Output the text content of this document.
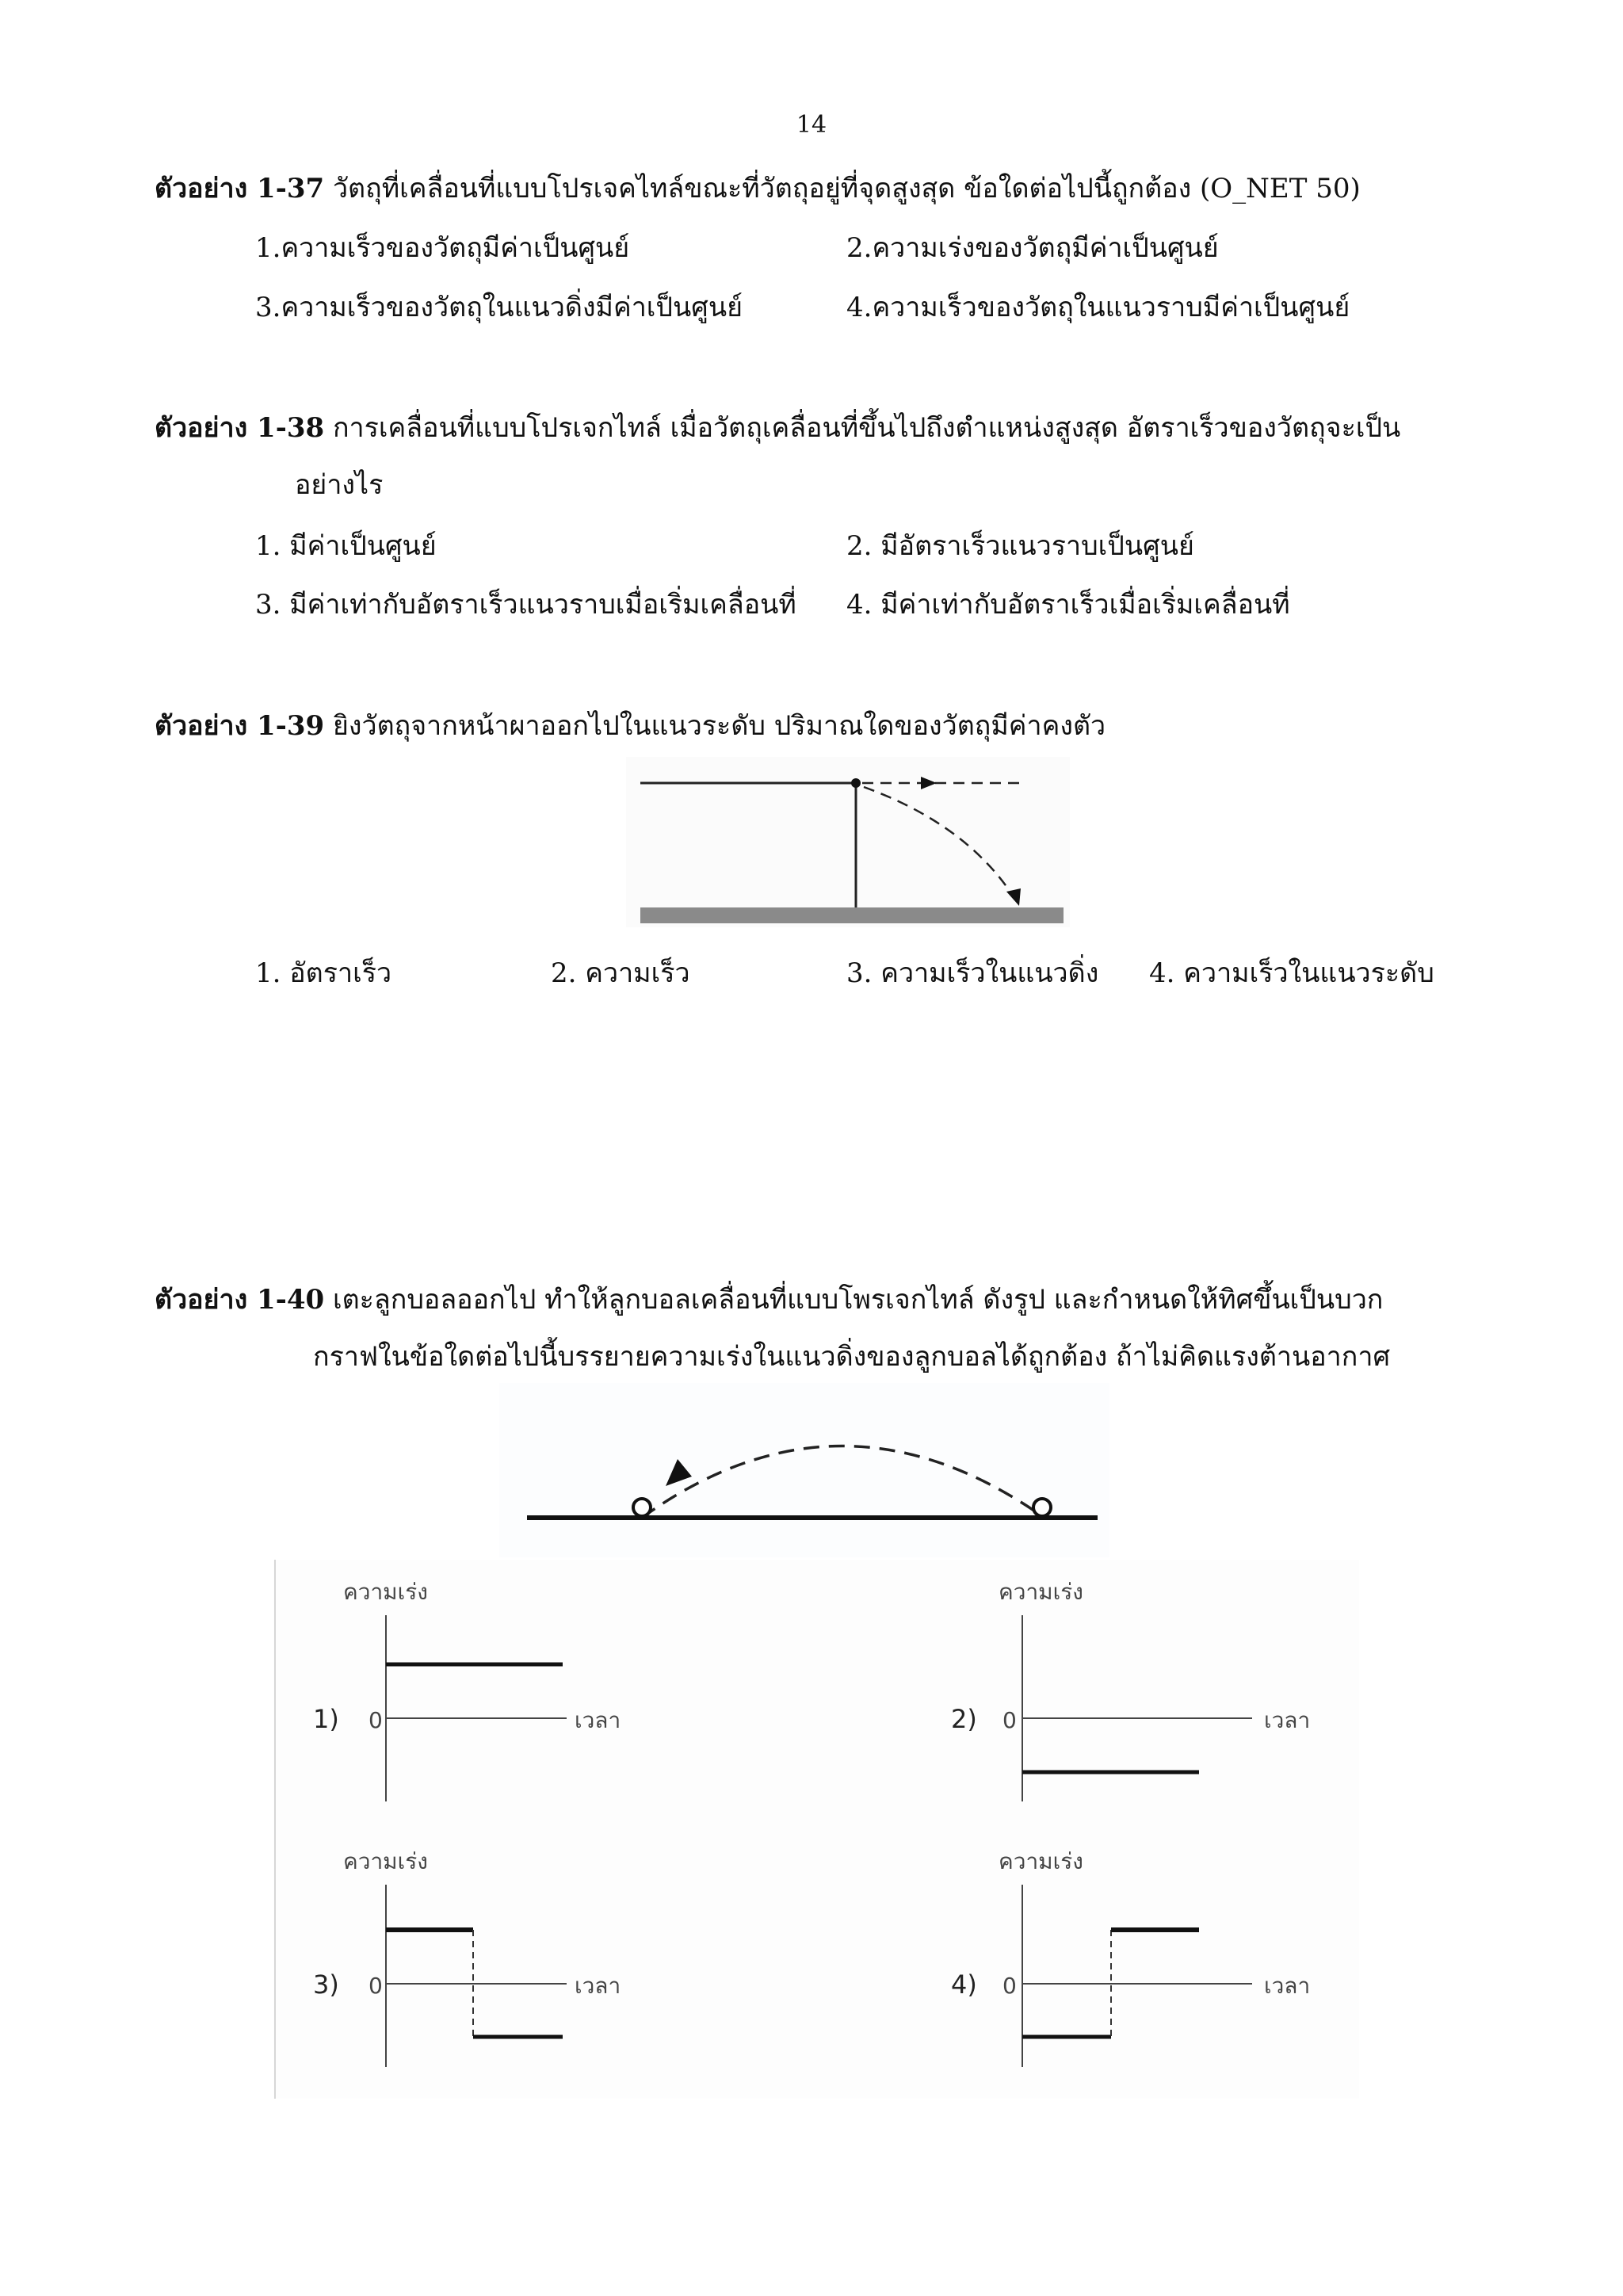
14
ตัวอย่าง 1-37 วัตถุที่เคลื่อนที่แบบโปรเจคไทล์ขณะที่วัตถุอยู่ที่จุดสูงสุด ข้อใดต่อไปนี้ถูกต้อง (O_NET 50)
1.ความเร็วของวัตถุมีค่าเป็นศูนย์	2.ความเร่งของวัตถุมีค่าเป็นศูนย์
3.ความเร็วของวัตถุในแนวดิ่งมีค่าเป็นศูนย์	4.ความเร็วของวัตถุในแนวราบมีค่าเป็นศูนย์
ตัวอย่าง 1-38 การเคลื่อนที่แบบโปรเจกไทล์ เมื่อวัตถุเคลื่อนที่ขึ้นไปถึงตำแหน่งสูงสุด อัตราเร็วของวัตถุจะเป็น
อย่างไร
1. มีค่าเป็นศูนย์	2. มีอัตราเร็วแนวราบเป็นศูนย์
3. มีค่าเท่ากับอัตราเร็วแนวราบเมื่อเริ่มเคลื่อนที่ 4. มีค่าเท่ากับอัตราเร็วเมื่อเริ่มเคลื่อนที่
ตัวอย่าง 1-39 ยิงวัตถุจากหน้าผาออกไปในแนวระดับ ปริมาณใดของวัตถุมีค่าคงตัว
1. อัตราเร็ว	2. ความเร็ว	3. ความเร็วในแนวดิ่ง 4. ความเร็วในแนวระดับ
ตัวอย่าง 1-40 เตะลูกบอลออกไป ทำให้ลูกบอลเคลื่อนที่แบบโพรเจกไทล์ ดังรูป และกำหนดให้ทิศขึ้นเป็นบวก
กราฟในข้อใดต่อไปนี้บรรยายความเร่งในแนวดิ่งของลูกบอลได้ถูกต้อง ถ้าไม่คิดแรงต้านอากาศ
ความเร่ง
1) 0	เวลา
ความเร่ง
2) 0	เวลา
ความเร่ง
3) 0	เวลา
ความเร่ง
4) 0	เวลา
